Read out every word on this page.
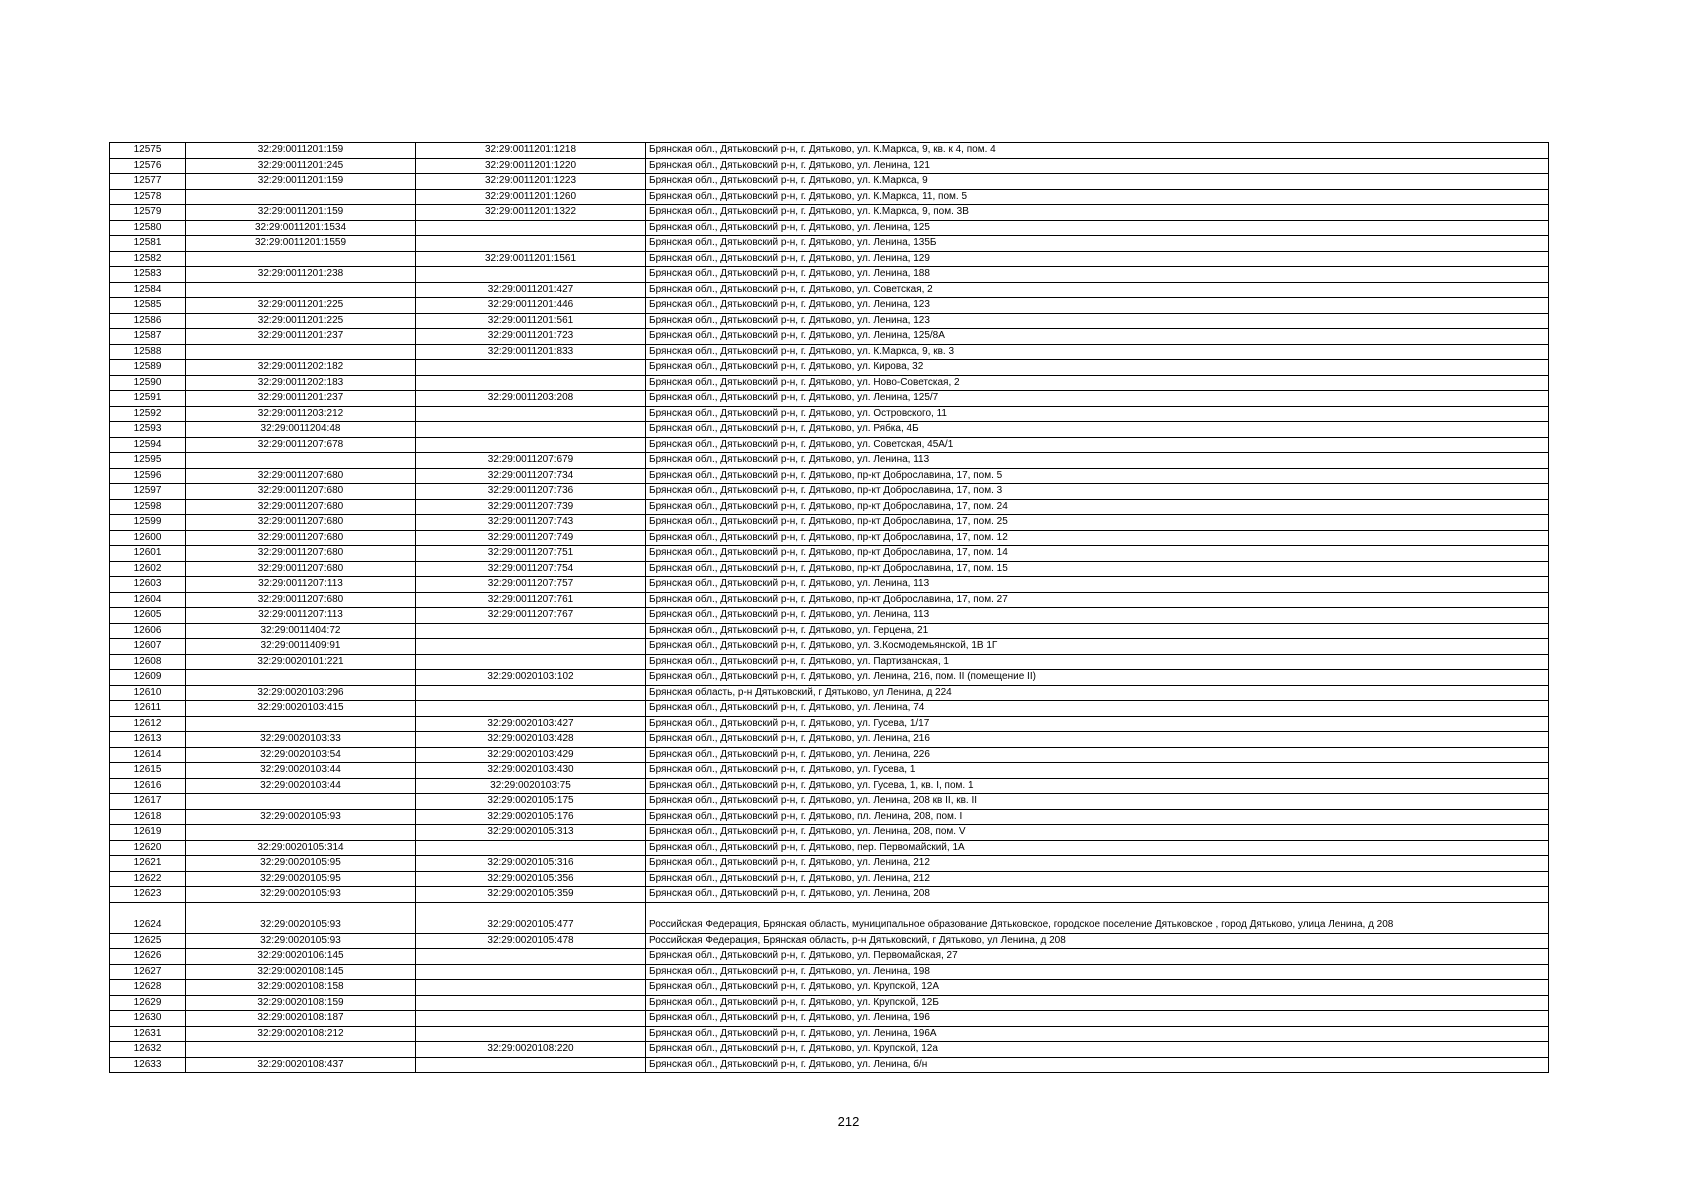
12575	32:29:0011201:159	32:29:0011201:1218	Брянская обл., Дятьковский р-н, г. Дятьково, ул. К.Маркса, 9, кв. к 4, пом. 4
12576	32:29:0011201:245	32:29:0011201:1220	Брянская обл., Дятьковский р-н, г. Дятьково, ул. Ленина, 121
12577	32:29:0011201:159	32:29:0011201:1223	Брянская обл., Дятьковский р-н, г. Дятьково, ул. К.Маркса, 9
12578		32:29:0011201:1260	Брянская обл., Дятьковский р-н, г. Дятьково, ул. К.Маркса, 11, пом. 5
12579	32:29:0011201:159	32:29:0011201:1322	Брянская обл., Дятьковский р-н, г. Дятьково, ул. К.Маркса, 9, пом. 3В
12580	32:29:0011201:1534		Брянская обл., Дятьковский р-н, г. Дятьково, ул. Ленина, 125
12581	32:29:0011201:1559		Брянская обл., Дятьковский р-н, г. Дятьково, ул. Ленина, 135Б
12582		32:29:0011201:1561	Брянская обл., Дятьковский р-н, г. Дятьково, ул. Ленина, 129
12583	32:29:0011201:238		Брянская обл., Дятьковский р-н, г. Дятьково, ул. Ленина, 188
12584		32:29:0011201:427	Брянская обл., Дятьковский р-н, г. Дятьково, ул. Советская, 2
12585	32:29:0011201:225	32:29:0011201:446	Брянская обл., Дятьковский р-н, г. Дятьково, ул. Ленина, 123
12586	32:29:0011201:225	32:29:0011201:561	Брянская обл., Дятьковский р-н, г. Дятьково, ул. Ленина, 123
12587	32:29:0011201:237	32:29:0011201:723	Брянская обл., Дятьковский р-н, г. Дятьково, ул. Ленина, 125/8А
12588		32:29:0011201:833	Брянская обл., Дятьковский р-н, г. Дятьково, ул. К.Маркса, 9, кв. 3
12589	32:29:0011202:182		Брянская обл., Дятьковский р-н, г. Дятьково, ул. Кирова, 32
12590	32:29:0011202:183		Брянская обл., Дятьковский р-н, г. Дятьково, ул. Ново-Советская, 2
12591	32:29:0011201:237	32:29:0011203:208	Брянская обл., Дятьковский р-н, г. Дятьково, ул. Ленина, 125/7
12592	32:29:0011203:212		Брянская обл., Дятьковский р-н, г. Дятьково, ул. Островского, 11
12593	32:29:0011204:48		Брянская обл., Дятьковский р-н, г. Дятьково, ул. Рябка, 4Б
12594	32:29:0011207:678		Брянская обл., Дятьковский р-н, г. Дятьково, ул. Советская, 45А/1
12595		32:29:0011207:679	Брянская обл., Дятьковский р-н, г. Дятьково, ул. Ленина, 113
12596	32:29:0011207:680	32:29:0011207:734	Брянская обл., Дятьковский р-н, г. Дятьково, пр-кт Доброславина, 17, пом. 5
12597	32:29:0011207:680	32:29:0011207:736	Брянская обл., Дятьковский р-н, г. Дятьково, пр-кт Доброславина, 17, пом. 3
12598	32:29:0011207:680	32:29:0011207:739	Брянская обл., Дятьковский р-н, г. Дятьково, пр-кт Доброславина, 17, пом. 24
12599	32:29:0011207:680	32:29:0011207:743	Брянская обл., Дятьковский р-н, г. Дятьково, пр-кт Доброславина, 17, пом. 25
12600	32:29:0011207:680	32:29:0011207:749	Брянская обл., Дятьковский р-н, г. Дятьково, пр-кт Доброславина, 17, пом. 12
12601	32:29:0011207:680	32:29:0011207:751	Брянская обл., Дятьковский р-н, г. Дятьково, пр-кт Доброславина, 17, пом. 14
12602	32:29:0011207:680	32:29:0011207:754	Брянская обл., Дятьковский р-н, г. Дятьково, пр-кт Доброславина, 17, пом. 15
12603	32:29:0011207:113	32:29:0011207:757	Брянская обл., Дятьковский р-н, г. Дятьково, ул. Ленина, 113
12604	32:29:0011207:680	32:29:0011207:761	Брянская обл., Дятьковский р-н, г. Дятьково, пр-кт Доброславина, 17, пом. 27
12605	32:29:0011207:113	32:29:0011207:767	Брянская обл., Дятьковский р-н, г. Дятьково, ул. Ленина, 113
12606	32:29:0011404:72		Брянская обл., Дятьковский р-н, г. Дятьково, ул. Герцена, 21
12607	32:29:0011409:91		Брянская обл., Дятьковский р-н, г. Дятьково, ул. З.Космодемьянской, 1В 1Г
12608	32:29:0020101:221		Брянская обл., Дятьковский р-н, г. Дятьково, ул. Партизанская, 1
12609		32:29:0020103:102	Брянская обл., Дятьковский р-н, г. Дятьково, ул. Ленина, 216, пом. II (помещение II)
12610	32:29:0020103:296		Брянская область, р-н Дятьковский, г Дятьково, ул Ленина, д 224
12611	32:29:0020103:415		Брянская обл., Дятьковский р-н, г. Дятьково, ул. Ленина, 74
12612		32:29:0020103:427	Брянская обл., Дятьковский р-н, г. Дятьково, ул. Гусева, 1/17
12613	32:29:0020103:33	32:29:0020103:428	Брянская обл., Дятьковский р-н, г. Дятьково, ул. Ленина, 216
12614	32:29:0020103:54	32:29:0020103:429	Брянская обл., Дятьковский р-н, г. Дятьково, ул. Ленина, 226
12615	32:29:0020103:44	32:29:0020103:430	Брянская обл., Дятьковский р-н, г. Дятьково, ул. Гусева, 1
12616	32:29:0020103:44	32:29:0020103:75	Брянская обл., Дятьковский р-н, г. Дятьково, ул. Гусева, 1, кв. I, пом. 1
12617		32:29:0020105:175	Брянская обл., Дятьковский р-н, г. Дятьково, ул. Ленина, 208 кв II, кв. II
12618	32:29:0020105:93	32:29:0020105:176	Брянская обл., Дятьковский р-н, г. Дятьково, пл. Ленина, 208, пом. I
12619		32:29:0020105:313	Брянская обл., Дятьковский р-н, г. Дятьково, ул. Ленина, 208, пом. V
12620	32:29:0020105:314		Брянская обл., Дятьковский р-н, г. Дятьково, пер. Первомайский, 1А
12621	32:29:0020105:95	32:29:0020105:316	Брянская обл., Дятьковский р-н, г. Дятьково, ул. Ленина, 212
12622	32:29:0020105:95	32:29:0020105:356	Брянская обл., Дятьковский р-н, г. Дятьково, ул. Ленина, 212
12623	32:29:0020105:93	32:29:0020105:359	Брянская обл., Дятьковский р-н, г. Дятьково, ул. Ленина, 208
12624	32:29:0020105:93	32:29:0020105:477	Российская Федерация, Брянская область, муниципальное образование Дятьковское, городское поселение Дятьковское , город Дятьково, улица Ленина, д 208
12625	32:29:0020105:93	32:29:0020105:478	Российская Федерация, Брянская область, р-н Дятьковский, г Дятьково, ул Ленина, д 208
12626	32:29:0020106:145		Брянская обл., Дятьковский р-н, г. Дятьково, ул. Первомайская, 27
12627	32:29:0020108:145		Брянская обл., Дятьковский р-н, г. Дятьково, ул. Ленина, 198
12628	32:29:0020108:158		Брянская обл., Дятьковский р-н, г. Дятьково, ул. Крупской, 12А
12629	32:29:0020108:159		Брянская обл., Дятьковский р-н, г. Дятьково, ул. Крупской, 12Б
12630	32:29:0020108:187		Брянская обл., Дятьковский р-н, г. Дятьково, ул. Ленина, 196
12631	32:29:0020108:212		Брянская обл., Дятьковский р-н, г. Дятьково, ул. Ленина, 196А
12632		32:29:0020108:220	Брянская обл., Дятьковский р-н, г. Дятьково, ул. Крупской, 12а
12633	32:29:0020108:437		Брянская обл., Дятьковский р-н, г. Дятьково, ул. Ленина, б/н
212
